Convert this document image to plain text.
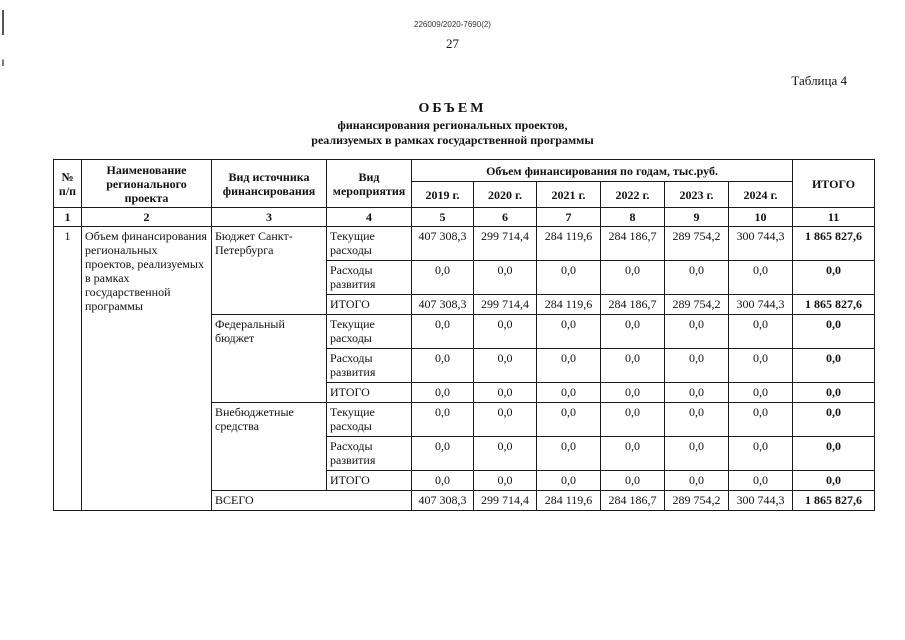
226009/2020-7690(2)
27
Таблица 4
ОБЪЕМ
финансирования региональных проектов,
реализуемых в рамках государственной программы
№ п/п	Наименование регионального проекта	Вид источника финансирования	Вид мероприятия	Объем финансирования по годам, тыс.руб.						ИТОГО
				2019 г.	2020 г.	2021 г.	2022 г.	2023 г.	2024 г.	
1	2	3	4	5	6	7	8	9	10	11
1	Объем финансирования региональных проектов, реализуемых в рамках государственной программы	Бюджет Санкт-Петербурга	Текущие расходы	407 308,3	299 714,4	284 119,6	284 186,7	289 754,2	300 744,3	1 865 827,6
			Расходы развития	0,0	0,0	0,0	0,0	0,0	0,0	0,0
			ИТОГО	407 308,3	299 714,4	284 119,6	284 186,7	289 754,2	300 744,3	1 865 827,6
		Федеральный бюджет	Текущие расходы	0,0	0,0	0,0	0,0	0,0	0,0	0,0
			Расходы развития	0,0	0,0	0,0	0,0	0,0	0,0	0,0
			ИТОГО	0,0	0,0	0,0	0,0	0,0	0,0	0,0
		Внебюджетные средства	Текущие расходы	0,0	0,0	0,0	0,0	0,0	0,0	0,0
			Расходы развития	0,0	0,0	0,0	0,0	0,0	0,0	0,0
			ИТОГО	0,0	0,0	0,0	0,0	0,0	0,0	0,0
		ВСЕГО		407 308,3	299 714,4	284 119,6	284 186,7	289 754,2	300 744,3	1 865 827,6
